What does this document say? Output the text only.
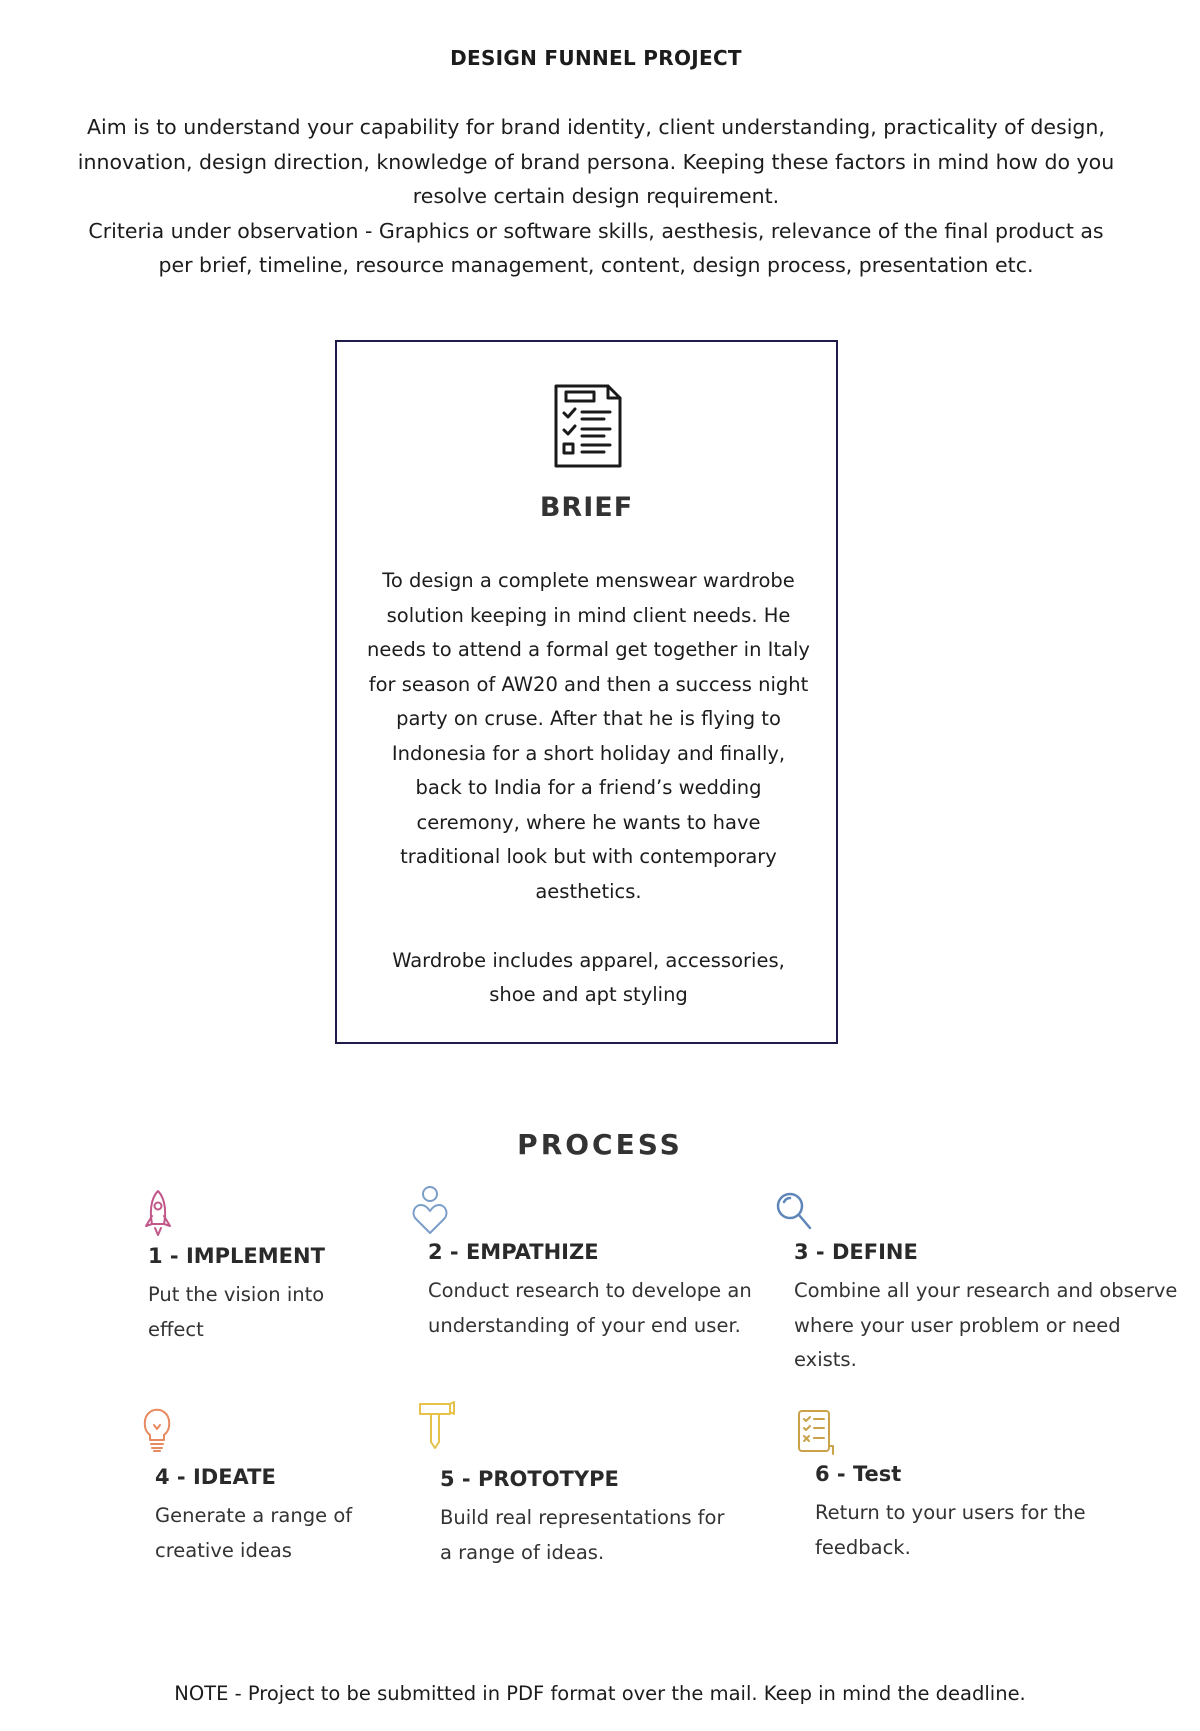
DESIGN FUNNEL PROJECT

Aim is to understand your capability for brand identity, client understanding, practicality of design, innovation, design direction, knowledge of brand persona. Keeping these factors in mind how do you resolve certain design requirement.

Criteria under observation - Graphics or software skills, aesthesis, relevance of the final product as per brief, timeline, resource management, content, design process, presentation etc.

BRIEF

To design a complete menswear wardrobe solution keeping in mind client needs. He needs to attend a formal get together in Italy for season of AW20 and then a success night party on cruse. After that he is flying to Indonesia for a short holiday and finally, back to India for a friend’s wedding ceremony, where he wants to have traditional look but with contemporary aesthetics.

Wardrobe includes apparel, accessories, shoe and apt styling

PROCESS
1 - IMPLEMENT
Put the vision into effect
2 - EMPATHIZE
Conduct research to develope an understanding of your end user.
3 - DEFINE
Combine all your research and observe where your user problem or need exists.
4 - IDEATE
Generate a range of creative ideas
5 - PROTOTYPE
Build real representations for a range of ideas.
6 - Test
Return to your users for the feedback.

NOTE - Project to be submitted in PDF format over the mail. Keep in mind the deadline.
